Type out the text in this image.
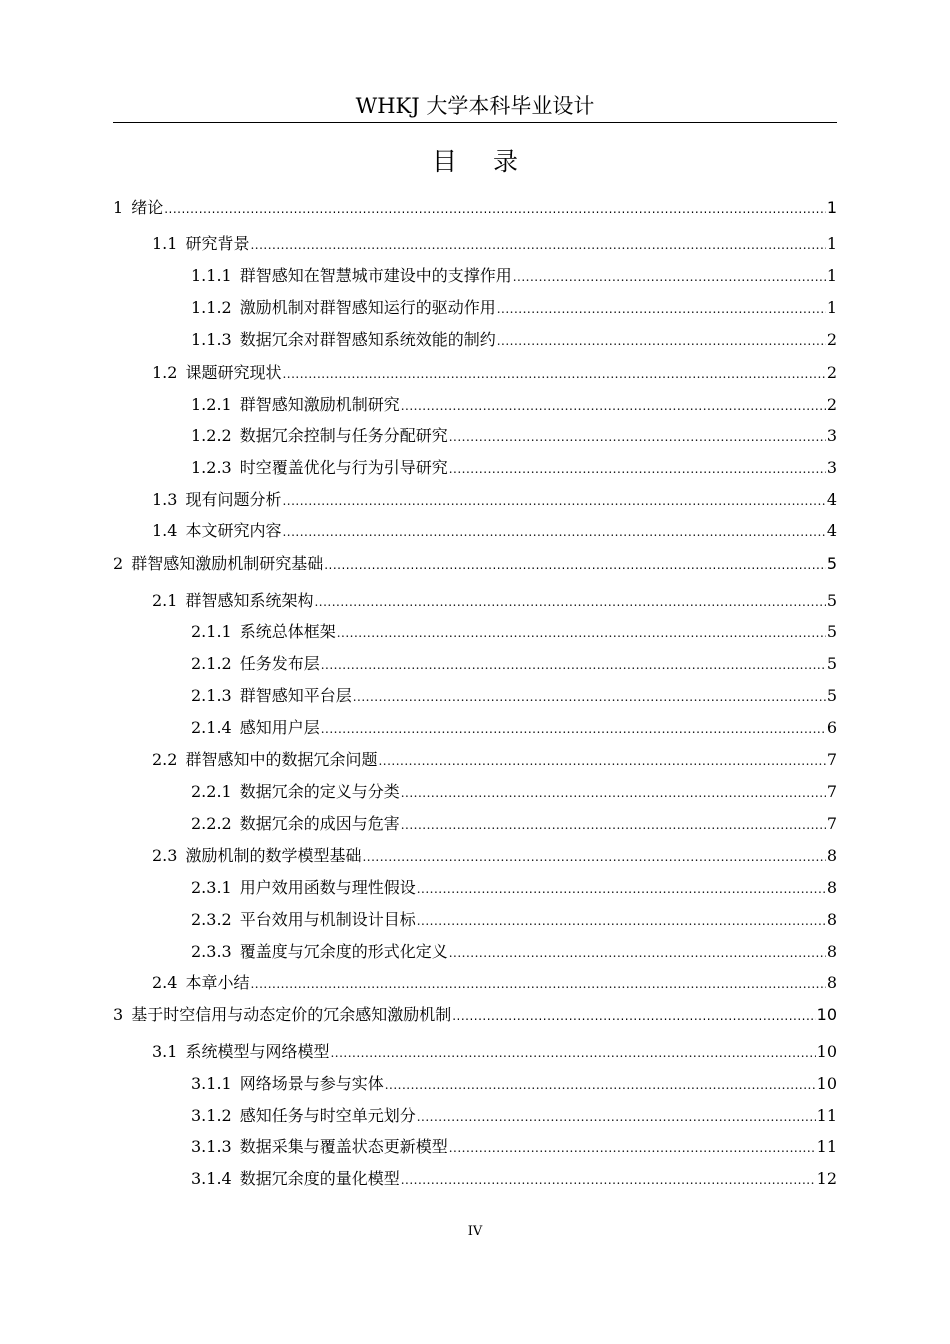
WHKJ 大学本科毕业设计
目 录
1 绪论 .....	1
1.1 研究背景 .....	1
1.1.1 群智感知在智慧城市建设中的支撑作用 .....	1
1.1.2 激励机制对群智感知运行的驱动作用 .....	1
1.1.3 数据冗余对群智感知系统效能的制约 .....	2
1.2 课题研究现状 .....	2
1.2.1 群智感知激励机制研究 .....	2
1.2.2 数据冗余控制与任务分配研究 .....	3
1.2.3 时空覆盖优化与行为引导研究 .....	3
1.3 现有问题分析 .....	4
1.4 本文研究内容 .....	4
2 群智感知激励机制研究基础 .....	5
2.1 群智感知系统架构 .....	5
2.1.1 系统总体框架 .....	5
2.1.2 任务发布层 .....	5
2.1.3 群智感知平台层 .....	5
2.1.4 感知用户层 .....	6
2.2 群智感知中的数据冗余问题 .....	7
2.2.1 数据冗余的定义与分类 .....	7
2.2.2 数据冗余的成因与危害 .....	7
2.3 激励机制的数学模型基础 .....	8
2.3.1 用户效用函数与理性假设 .....	8
2.3.2 平台效用与机制设计目标 .....	8
2.3.3 覆盖度与冗余度的形式化定义 .....	8
2.4 本章小结 .....	8
3 基于时空信用与动态定价的冗余感知激励机制 .....	10
3.1 系统模型与网络模型 .....	10
3.1.1 网络场景与参与实体 .....	10
3.1.2 感知任务与时空单元划分 .....	11
3.1.3 数据采集与覆盖状态更新模型 .....	11
3.1.4 数据冗余度的量化模型 .....	12
IV
